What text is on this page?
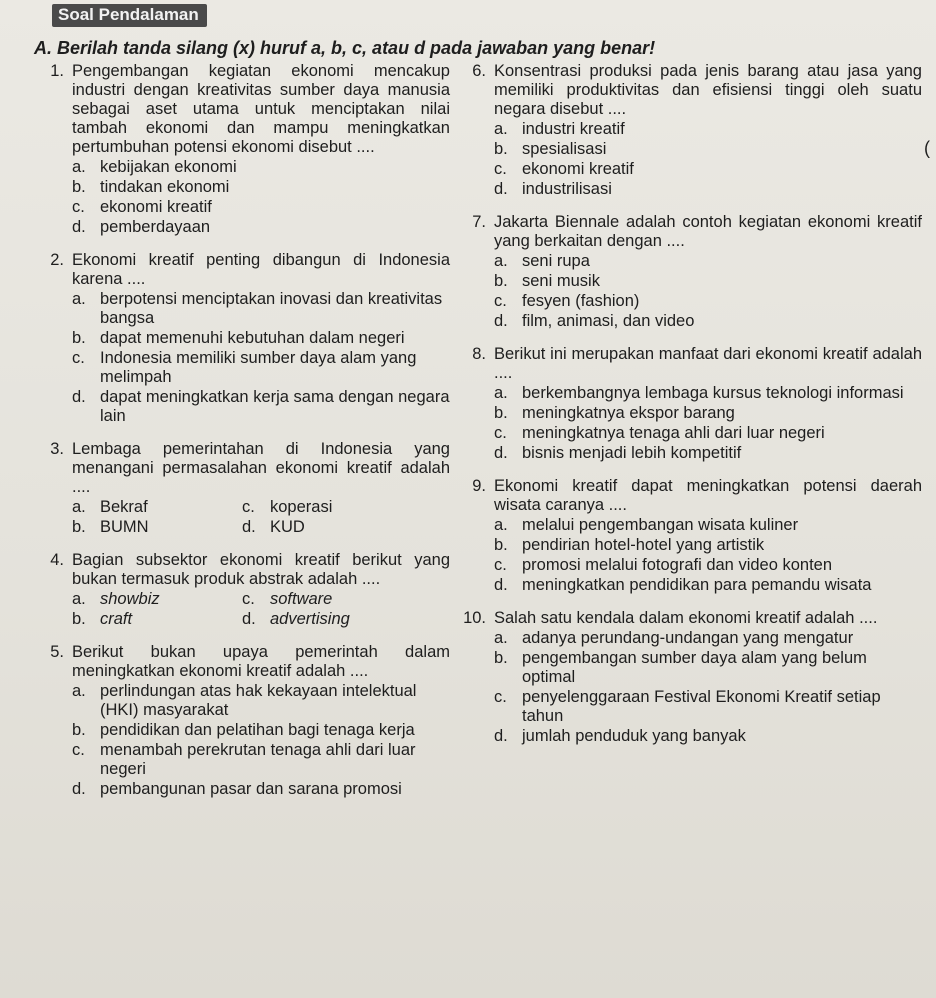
Soal Pendalaman
A. Berilah tanda silang (x) huruf a, b, c, atau d pada jawaban yang benar!
(
1. Pengembangan kegiatan ekonomi mencakup industri dengan kreativitas sumber daya manusia sebagai aset utama untuk menciptakan nilai tambah ekonomi dan mampu meningkatkan pertumbuhan potensi ekonomi disebut ....
a. kebijakan ekonomi
b. tindakan ekonomi
c. ekonomi kreatif
d. pemberdayaan
2. Ekonomi kreatif penting dibangun di Indonesia karena ....
a. berpotensi menciptakan inovasi dan kreativitas bangsa
b. dapat memenuhi kebutuhan dalam negeri
c. Indonesia memiliki sumber daya alam yang melimpah
d. dapat meningkatkan kerja sama dengan negara lain
3. Lembaga pemerintahan di Indonesia yang menangani permasalahan ekonomi kreatif adalah ....
a. Bekraf	c. koperasi
b. BUMN	d. KUD
4. Bagian subsektor ekonomi kreatif berikut yang bukan termasuk produk abstrak adalah ....
a. showbiz	c. software
b. craft	d. advertising
5. Berikut bukan upaya pemerintah dalam meningkatkan ekonomi kreatif adalah ....
a. perlindungan atas hak kekayaan intelektual (HKI) masyarakat
b. pendidikan dan pelatihan bagi tenaga kerja
c. menambah perekrutan tenaga ahli dari luar negeri
d. pembangunan pasar dan sarana promosi
6. Konsentrasi produksi pada jenis barang atau jasa yang memiliki produktivitas dan efisiensi tinggi oleh suatu negara disebut ....
a. industri kreatif
b. spesialisasi
c. ekonomi kreatif
d. industrilisasi
7. Jakarta Biennale adalah contoh kegiatan ekonomi kreatif yang berkaitan dengan ....
a. seni rupa
b. seni musik
c. fesyen (fashion)
d. film, animasi, dan video
8. Berikut ini merupakan manfaat dari ekonomi kreatif adalah ....
a. berkembangnya lembaga kursus teknologi informasi
b. meningkatnya ekspor barang
c. meningkatnya tenaga ahli dari luar negeri
d. bisnis menjadi lebih kompetitif
9. Ekonomi kreatif dapat meningkatkan potensi daerah wisata caranya ....
a. melalui pengembangan wisata kuliner
b. pendirian hotel-hotel yang artistik
c. promosi melalui fotografi dan video konten
d. meningkatkan pendidikan para pemandu wisata
10. Salah satu kendala dalam ekonomi kreatif adalah ....
a. adanya perundang-undangan yang mengatur
b. pengembangan sumber daya alam yang belum optimal
c. penyelenggaraan Festival Ekonomi Kreatif setiap tahun
d. jumlah penduduk yang banyak
